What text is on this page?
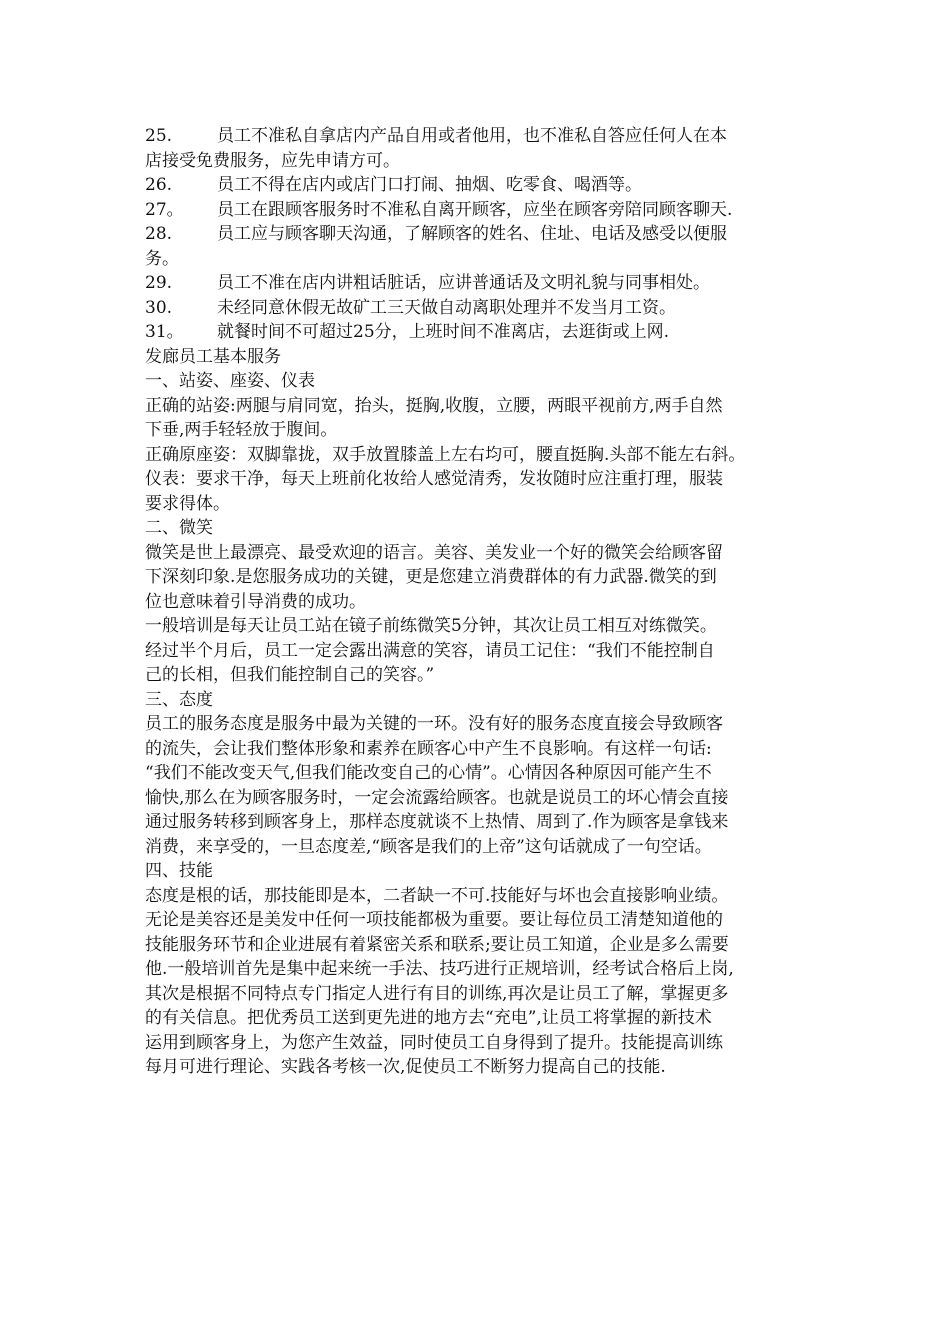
25.	员工不准私自拿店内产品自用或者他用，也不准私自答应任何人在本
店接受免费服务，应先申请方可。
26.	员工不得在店内或店门口打闹、抽烟、吃零食、喝酒等。
27。 员工在跟顾客服务时不准私自离开顾客，应坐在顾客旁陪同顾客聊天.
28.	员工应与顾客聊天沟通，了解顾客的姓名、住址、电话及感受以便服
务。
29.	员工不准在店内讲粗话脏话，应讲普通话及文明礼貌与同事相处。
30.	未经同意休假无故矿工三天做自动离职处理并不发当月工资。
31。 就餐时间不可超过25分，上班时间不准离店，去逛街或上网.
发廊员工基本服务
一、站姿、座姿、仪表
正确的站姿:两腿与肩同宽，抬头，挺胸,收腹，立腰，两眼平视前方,两手自然
下垂,两手轻轻放于腹间。
正确原座姿：双脚靠拢，双手放置膝盖上左右均可，腰直挺胸.头部不能左右斜。
仪表：要求干净，每天上班前化妆给人感觉清秀，发妆随时应注重打理，服装
要求得体。
二、微笑
微笑是世上最漂亮、最受欢迎的语言。美容、美发业一个好的微笑会给顾客留
下深刻印象.是您服务成功的关键，更是您建立消费群体的有力武器.微笑的到
位也意味着引导消费的成功。
一般培训是每天让员工站在镜子前练微笑5分钟，其次让员工相互对练微笑。
经过半个月后，员工一定会露出满意的笑容，请员工记住：“我们不能控制自
己的长相，但我们能控制自己的笑容。”
三、态度
员工的服务态度是服务中最为关键的一环。没有好的服务态度直接会导致顾客
的流失，会让我们整体形象和素养在顾客心中产生不良影响。有这样一句话:
“我们不能改变天气,但我们能改变自己的心情”。心情因各种原因可能产生不
愉快,那么在为顾客服务时，一定会流露给顾客。也就是说员工的坏心情会直接
通过服务转移到顾客身上，那样态度就谈不上热情、周到了.作为顾客是拿钱来
消费，来享受的，一旦态度差,“顾客是我们的上帝”这句话就成了一句空话。
四、技能
态度是根的话，那技能即是本，二者缺一不可.技能好与坏也会直接影响业绩。
无论是美容还是美发中任何一项技能都极为重要。要让每位员工清楚知道他的
技能服务环节和企业进展有着紧密关系和联系;要让员工知道，企业是多么需要
他.一般培训首先是集中起来统一手法、技巧进行正规培训，经考试合格后上岗,
其次是根据不同特点专门指定人进行有目的训练,再次是让员工了解，掌握更多
的有关信息。把优秀员工送到更先进的地方去“充电”,让员工将掌握的新技术
运用到顾客身上，为您产生效益，同时使员工自身得到了提升。技能提高训练
每月可进行理论、实践各考核一次,促使员工不断努力提高自己的技能.
